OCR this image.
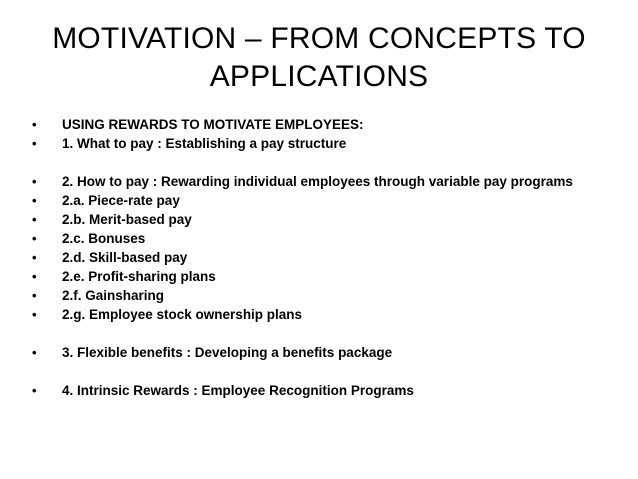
MOTIVATION – FROM CONCEPTS TO
APPLICATIONS
•	USING REWARDS TO MOTIVATE EMPLOYEES:
•	1. What to pay : Establishing a pay structure
•	2. How to pay : Rewarding individual employees through variable pay programs
•	2.a. Piece-rate pay
•	2.b. Merit-based pay
•	2.c. Bonuses
•	2.d. Skill-based pay
•	2.e. Profit-sharing plans
•	2.f. Gainsharing
•	2.g. Employee stock ownership plans
•	3. Flexible benefits : Developing a benefits package
•	4. Intrinsic Rewards : Employee Recognition Programs
